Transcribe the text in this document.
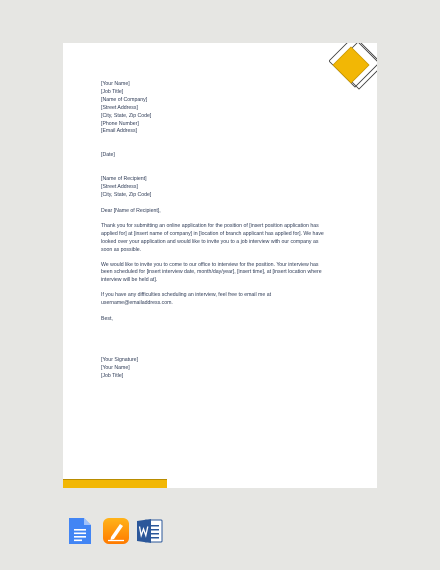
[Your Name]
[Job Title]
[Name of Company]
[Street Address]
[City, State, Zip Code]
[Phone Number]
[Email Address]
[Date]
[Name of Recipient]
[Street Address]
[City, State, Zip Code]
Dear [Name of Recipient],

Thank you for submitting an online application for the position of [insert position application has
applied for] at [insert name of company] in [location of branch applicant has applied for]. We have
looked over your application and would like to invite you to a job interview with our company as
soon as possible.

We would like to invite you to come to our office to interview for the position. Your interview has
been scheduled for [insert interview date, month/day/year], [insert time], at [insert location where
interview will be held at].

If you have any difficulties scheduling an interview, feel free to email me at
username@emailaddress.com.

Best,
[Your Signature]
[Your Name]
[Job Title]
